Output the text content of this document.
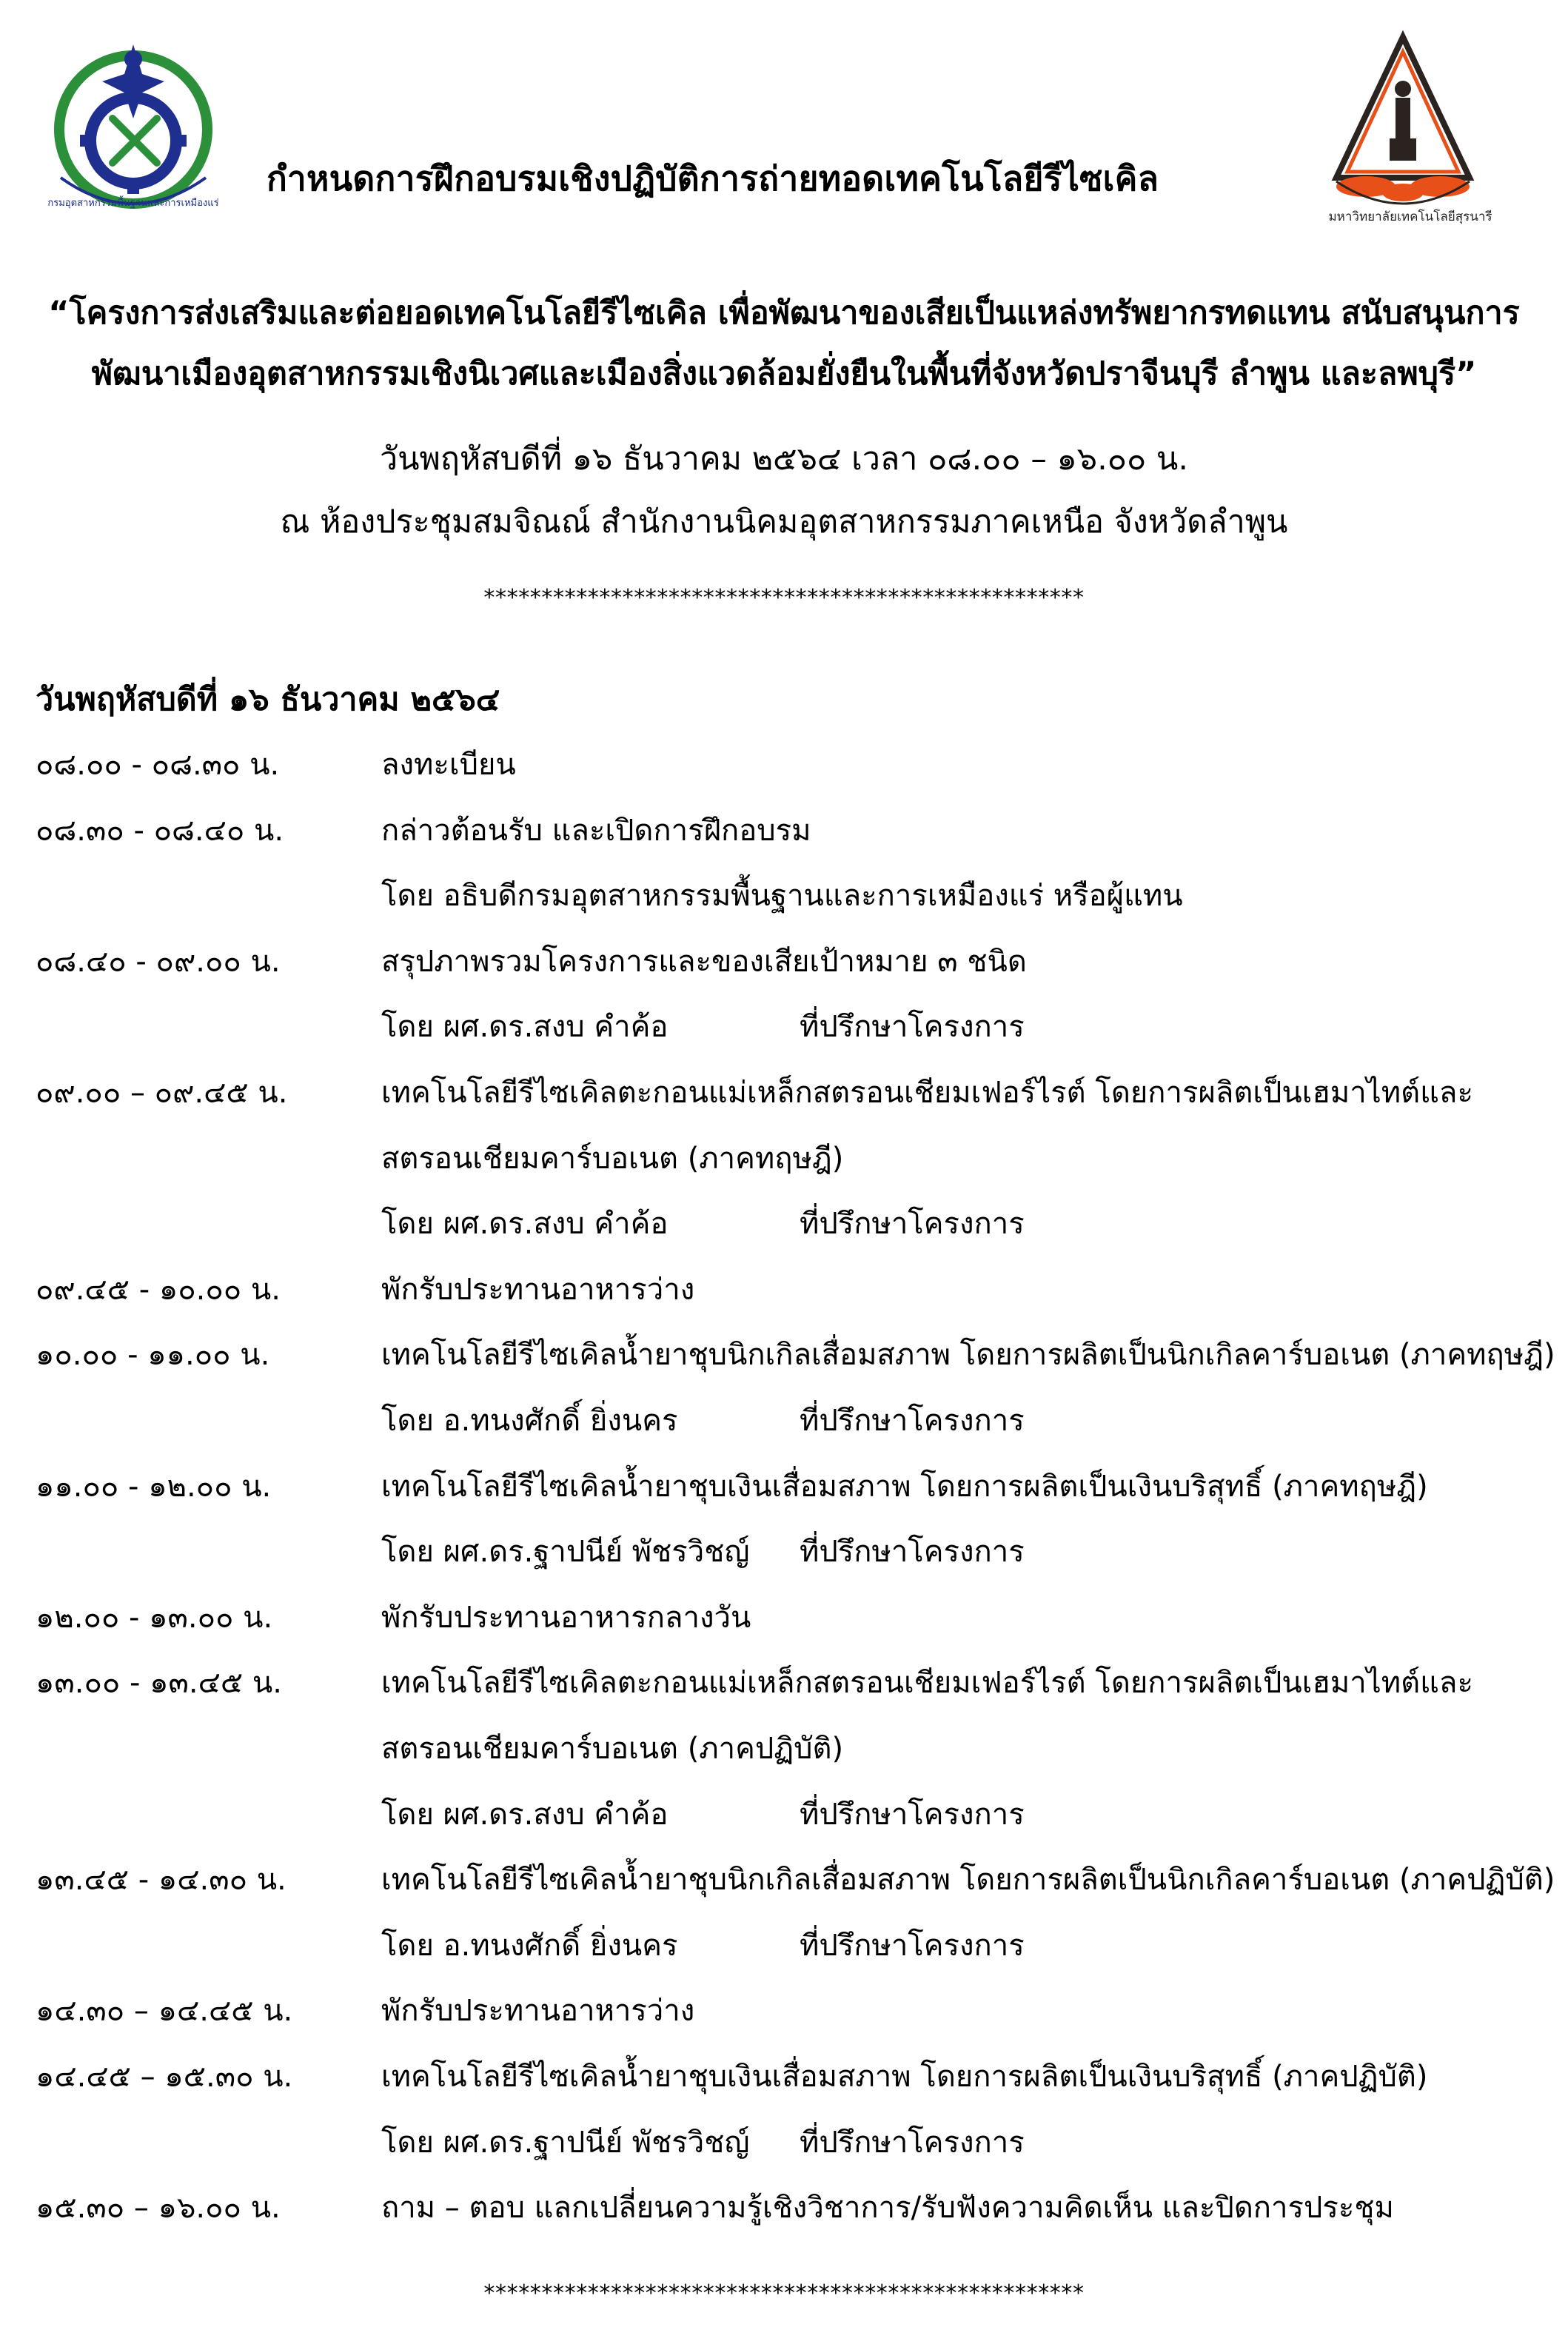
กรมอุตสาหกรรมพื้นฐานและการเหมืองแร่
กำหนดการฝึกอบรมเชิงปฏิบัติการถ่ายทอดเทคโนโลยีรีไซเคิล
มหาวิทยาลัยเทคโนโลยีสุรนารี
“โครงการส่งเสริมและต่อยอดเทคโนโลยีรีไซเคิล เพื่อพัฒนาของเสียเป็นแหล่งทรัพยากรทดแทน สนับสนุนการ
พัฒนาเมืองอุตสาหกรรมเชิงนิเวศและเมืองสิ่งแวดล้อมยั่งยืนในพื้นที่จังหวัดปราจีนบุรี ลำพูน และลพบุรี”
วันพฤหัสบดีที่ ๑๖ ธันวาคม ๒๕๖๔ เวลา ๐๘.๐๐ – ๑๖.๐๐ น.
ณ ห้องประชุมสมจิณณ์ สำนักงานนิคมอุตสาหกรรมภาคเหนือ จังหวัดลำพูน
****************************************************
วันพฤหัสบดีที่ ๑๖ ธันวาคม ๒๕๖๔
๐๘.๐๐ - ๐๘.๓๐ น.	ลงทะเบียน
๐๘.๓๐ - ๐๘.๔๐ น.	กล่าวต้อนรับ และเปิดการฝึกอบรม
โดย อธิบดีกรมอุตสาหกรรมพื้นฐานและการเหมืองแร่ หรือผู้แทน
๐๘.๔๐ - ๐๙.๐๐ น.	สรุปภาพรวมโครงการและของเสียเป้าหมาย ๓ ชนิด
โดย ผศ.ดร.สงบ คำค้อ	ที่ปรึกษาโครงการ
๐๙.๐๐ – ๐๙.๔๕ น.	เทคโนโลยีรีไซเคิลตะกอนแม่เหล็กสตรอนเชียมเฟอร์ไรต์ โดยการผลิตเป็นเฮมาไทต์และ
สตรอนเชียมคาร์บอเนต (ภาคทฤษฎี)
โดย ผศ.ดร.สงบ คำค้อ	ที่ปรึกษาโครงการ
๐๙.๔๕ - ๑๐.๐๐ น.	พักรับประทานอาหารว่าง
๑๐.๐๐ - ๑๑.๐๐ น.	เทคโนโลยีรีไซเคิลน้ำยาชุบนิกเกิลเสื่อมสภาพ โดยการผลิตเป็นนิกเกิลคาร์บอเนต (ภาคทฤษฎี)
โดย อ.ทนงศักดิ์ ยิ่งนคร	ที่ปรึกษาโครงการ
๑๑.๐๐ - ๑๒.๐๐ น.	เทคโนโลยีรีไซเคิลน้ำยาชุบเงินเสื่อมสภาพ โดยการผลิตเป็นเงินบริสุทธิ์ (ภาคทฤษฎี)
โดย ผศ.ดร.ฐาปนีย์ พัชรวิชญ์ ที่ปรึกษาโครงการ
๑๒.๐๐ - ๑๓.๐๐ น.	พักรับประทานอาหารกลางวัน
๑๓.๐๐ - ๑๓.๔๕ น.	เทคโนโลยีรีไซเคิลตะกอนแม่เหล็กสตรอนเชียมเฟอร์ไรต์ โดยการผลิตเป็นเฮมาไทต์และ
สตรอนเชียมคาร์บอเนต (ภาคปฏิบัติ)
โดย ผศ.ดร.สงบ คำค้อ	ที่ปรึกษาโครงการ
๑๓.๔๕ - ๑๔.๓๐ น.	เทคโนโลยีรีไซเคิลน้ำยาชุบนิกเกิลเสื่อมสภาพ โดยการผลิตเป็นนิกเกิลคาร์บอเนต (ภาคปฏิบัติ)
โดย อ.ทนงศักดิ์ ยิ่งนคร	ที่ปรึกษาโครงการ
๑๔.๓๐ – ๑๔.๔๕ น.	พักรับประทานอาหารว่าง
๑๔.๔๕ – ๑๕.๓๐ น.	เทคโนโลยีรีไซเคิลน้ำยาชุบเงินเสื่อมสภาพ โดยการผลิตเป็นเงินบริสุทธิ์ (ภาคปฏิบัติ)
โดย ผศ.ดร.ฐาปนีย์ พัชรวิชญ์ ที่ปรึกษาโครงการ
๑๕.๓๐ – ๑๖.๐๐ น.	ถาม – ตอบ แลกเปลี่ยนความรู้เชิงวิชาการ/รับฟังความคิดเห็น และปิดการประชุม
****************************************************
